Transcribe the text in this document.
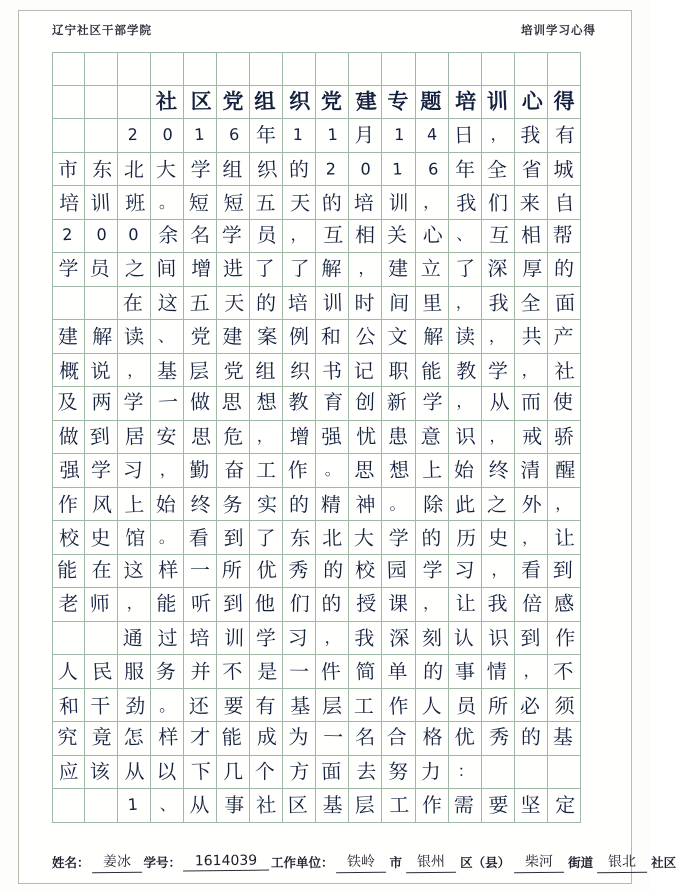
辽宁社区干部学院	培训学习心得
社 区 党 组 织 党 建 专 题 培 训 心 得
2	0	1	6 年	1	1 月	1	4 日	， 我 有
市 东 北 大 学 组 织 的	2	0	1	6 年 全 省 城
培 训 班 。 短 短 五 天 的 培 训 ， 我 们 来 自
2	0	0 余 名 学 员 ， 互 相 关 心 、 互 相 帮
学 员 之 间 增 进 了 了 解	， 建 立 了 深 厚 的
在 这 五 天 的 培 训 时 间 里 ， 我 全 面
建 解 读 、 党 建 案 例 和 公 文 解 读 ， 共 产
概 说	， 基 层 党 组 织 书 记 职 能 教 学 ， 社
及 两 学 一 做 思 想 教 育 创 新 学 ， 从 而 使
做 到 居 安 思 危 ， 增 强 忧 患 意 识 ， 戒 骄
强 学 习	， 勤 奋 工 作	。 思 想 上 始 终 清 醒
作 风 上 始 终 务 实 的 精 神 。 除 此 之 外 ，
校 史 馆 。 看 到 了 东 北 大 学 的 历 史 ， 让
能 在 这 样 一 所 优 秀 的 校 园 学 习	， 看 到
老 师	， 能 听 到 他 们 的 授 课 ， 让 我 倍 感
通 过 培 训 学 习	， 我 深 刻 认 识 到 作
人 民 服 务 并 不 是 一 件 简 单 的 事 情	， 不
和 干 劲 。 还 要 有 基 层 工 作 人 员 所 必 须
究 竟 怎 样 才 能 成 为 一 名 合 格 优 秀 的 基
应 该 从 以 下 几 个 方 面 去 努 力	：
1	、 从 事 社 区 基 层 工 作 需 要 坚 定
姓名： 姜冰	学号： 1614039	工作单位： 铁岭	市	银州	区（县）	柴河	街道	银北	社区
